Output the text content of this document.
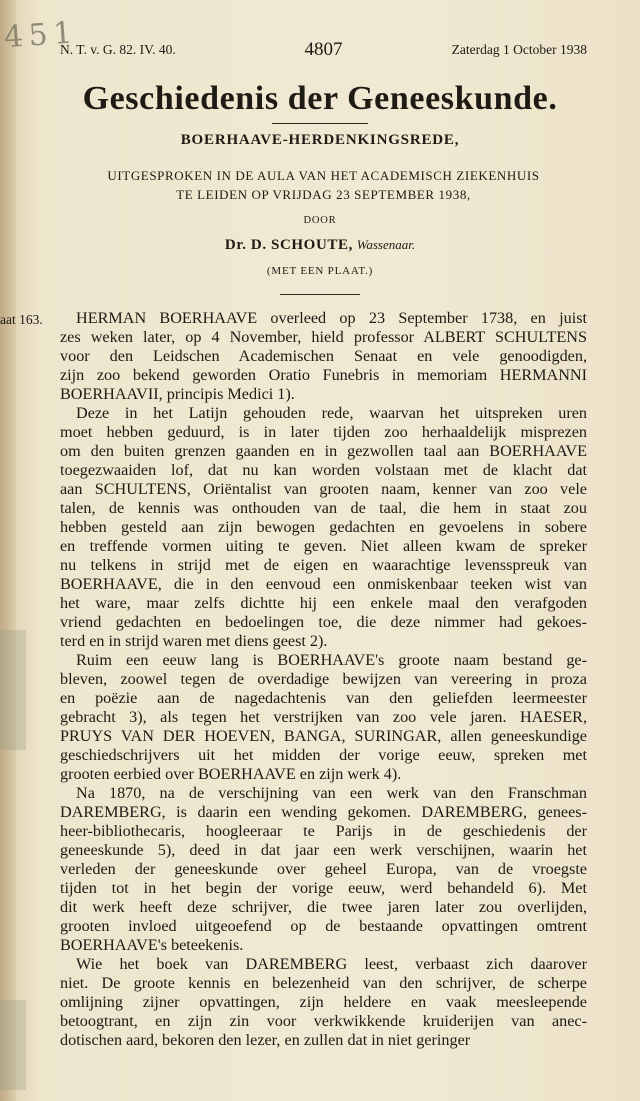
4 5 1
N. T. v. G. 82. IV. 40.	4807	Zaterdag 1 October 1938
Geschiedenis der Geneeskunde.
BOERHAAVE-HERDENKINGSREDE,
UITGESPROKEN IN DE AULA VAN HET ACADEMISCH ZIEKENHUIS
TE LEIDEN OP VRIJDAG 23 SEPTEMBER 1938,
DOOR
Dr. D. SCHOUTE, Wassenaar.
(MET EEN PLAAT.)
aat 163.	HERMAN BOERHAAVE overleed op 23 September 1738, en juist
zes weken later, op 4 November, hield professor ALBERT SCHULTENS
voor den Leidschen Academischen Senaat en vele genoodigden,
zijn zoo bekend geworden Oratio Funebris in memoriam HERMANNI
BOERHAAVII, principis Medici 1).
Deze in het Latijn gehouden rede, waarvan het uitspreken uren
moet hebben geduurd, is in later tijden zoo herhaaldelijk misprezen
om den buiten grenzen gaanden en in gezwollen taal aan BOERHAAVE
toegezwaaiden lof, dat nu kan worden volstaan met de klacht dat
aan SCHULTENS, Oriëntalist van grooten naam, kenner van zoo vele
talen, de kennis was onthouden van de taal, die hem in staat zou
hebben gesteld aan zijn bewogen gedachten en gevoelens in sobere
en treffende vormen uiting te geven. Niet alleen kwam de spreker
nu telkens in strijd met de eigen en waarachtige levensspreuk van
BOERHAAVE, die in den eenvoud een onmiskenbaar teeken wist van
het ware, maar zelfs dichtte hij een enkele maal den verafgoden
vriend gedachten en bedoelingen toe, die deze nimmer had gekoes-
terd en in strijd waren met diens geest 2).
Ruim een eeuw lang is BOERHAAVE's groote naam bestand ge-
bleven, zoowel tegen de overdadige bewijzen van vereering in proza
en poëzie aan de nagedachtenis van den geliefden leermeester
gebracht 3), als tegen het verstrijken van zoo vele jaren. HAESER,
PRUYS VAN DER HOEVEN, BANGA, SURINGAR, allen geneeskundige
geschiedschrijvers uit het midden der vorige eeuw, spreken met
grooten eerbied over BOERHAAVE en zijn werk 4).
Na 1870, na de verschijning van een werk van den Franschman
DAREMBERG, is daarin een wending gekomen. DAREMBERG, genees-
heer-bibliothecaris, hoogleeraar te Parijs in de geschiedenis der
geneeskunde 5), deed in dat jaar een werk verschijnen, waarin het
verleden der geneeskunde over geheel Europa, van de vroegste
tijden tot in het begin der vorige eeuw, werd behandeld 6). Met
dit werk heeft deze schrijver, die twee jaren later zou overlijden,
grooten invloed uitgeoefend op de bestaande opvattingen omtrent
BOERHAAVE's beteekenis.
Wie het boek van DAREMBERG leest, verbaast zich daarover
niet. De groote kennis en belezenheid van den schrijver, de scherpe
omlijning zijner opvattingen, zijn heldere en vaak meesleepende
betoogtrant, en zijn zin voor verkwikkende kruiderijen van anec-
dotischen aard, bekoren den lezer, en zullen dat in niet geringer
